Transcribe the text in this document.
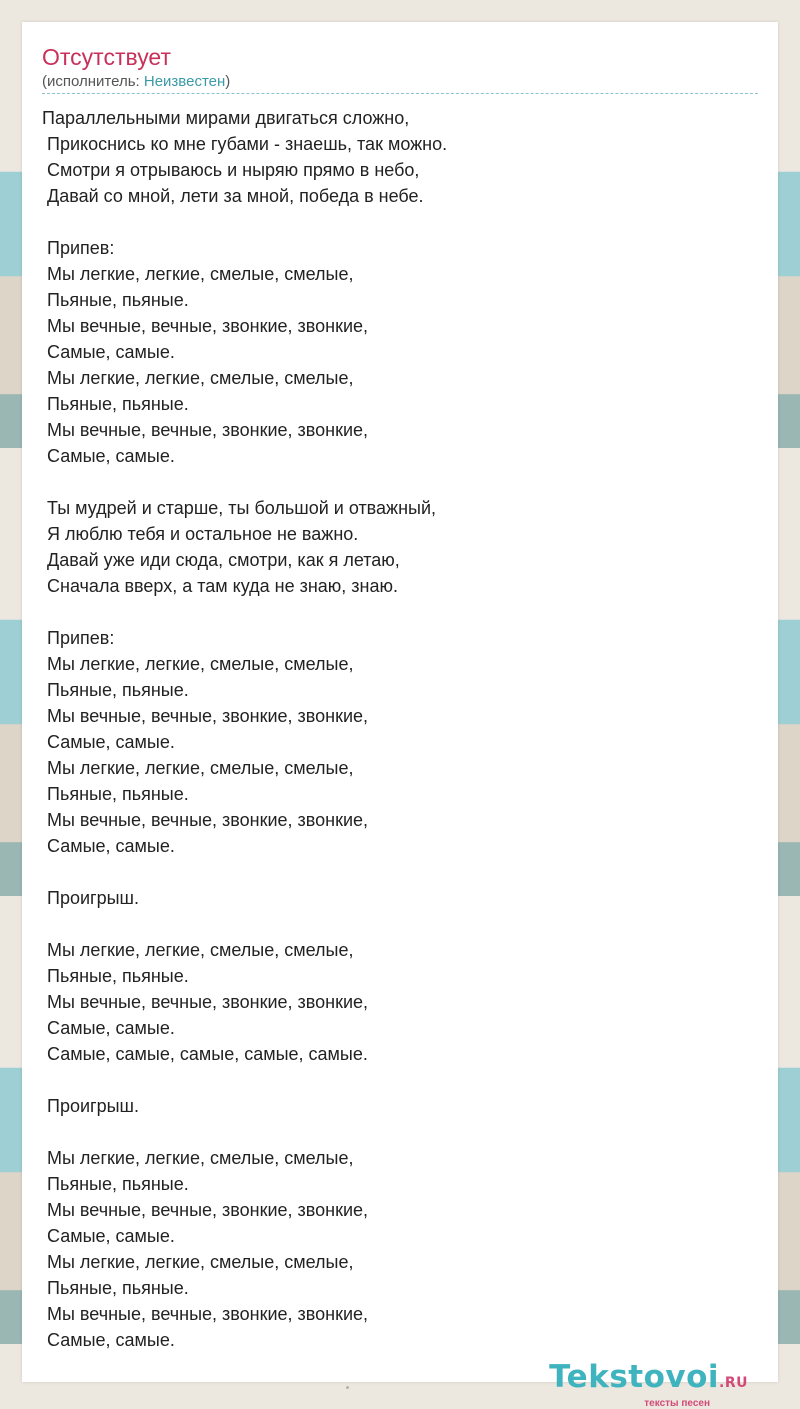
Отсутствует
(исполнитель: Неизвестен)
Параллельными мирами двигаться сложно,
Прикоснись ко мне губами - знаешь, так можно.
Смотри я отрываюсь и ныряю прямо в небо,
Давай со мной, лети за мной, победа в небе.

Припев:
Мы легкие, легкие, смелые, смелые,
Пьяные, пьяные.
Мы вечные, вечные, звонкие, звонкие,
Самые, самые.
Мы легкие, легкие, смелые, смелые,
Пьяные, пьяные.
Мы вечные, вечные, звонкие, звонкие,
Самые, самые.

Ты мудрей и старше, ты большой и отважный,
Я люблю тебя и остальное не важно.
Давай уже иди сюда, смотри, как я летаю,
Сначала вверх, а там куда не знаю, знаю.

Припев:
Мы легкие, легкие, смелые, смелые,
Пьяные, пьяные.
Мы вечные, вечные, звонкие, звонкие,
Самые, самые.
Мы легкие, легкие, смелые, смелые,
Пьяные, пьяные.
Мы вечные, вечные, звонкие, звонкие,
Самые, самые.

Проигрыш.

Мы легкие, легкие, смелые, смелые,
Пьяные, пьяные.
Мы вечные, вечные, звонкие, звонкие,
Самые, самые.
Самые, самые, самые, самые, самые.

Проигрыш.

Мы легкие, легкие, смелые, смелые,
Пьяные, пьяные.
Мы вечные, вечные, звонкие, звонкие,
Самые, самые.
Мы легкие, легкие, смелые, смелые,
Пьяные, пьяные.
Мы вечные, вечные, звонкие, звонкие,
Самые, самые.
Tekstovoi.RU
тексты песен
